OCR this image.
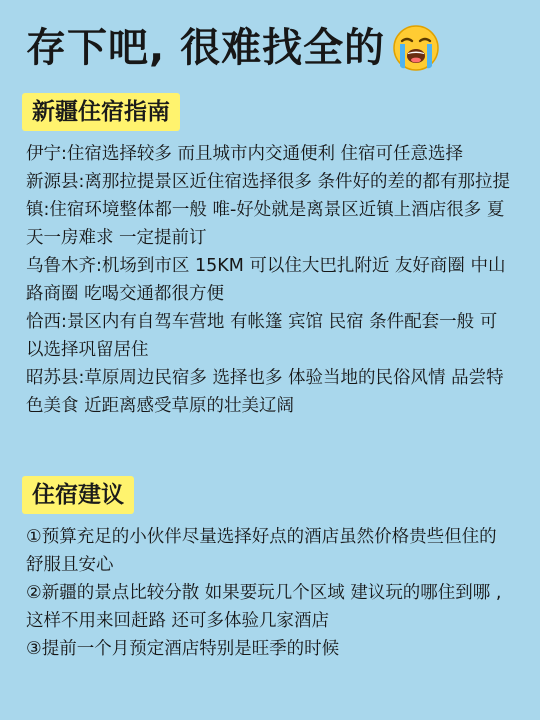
存下吧, 很难找全的
新疆住宿指南

伊宁:住宿选择较多 而且城市内交通便利 住宿可任意选择

新源县:离那拉提景区近住宿选择很多 条件好的差的都有那拉提镇:住宿环境整体都一般 唯-好处就是离景区近镇上酒店很多 夏天一房难求 一定提前订

乌鲁木齐:机场到市区 15KM 可以住大巴扎附近 友好商圈 中山路商圈 吃喝交通都很方便

恰西:景区内有自驾车营地 有帐篷 宾馆 民宿 条件配套一般 可以选择巩留居住

昭苏县:草原周边民宿多 选择也多 体验当地的民俗风情 品尝特色美食 近距离感受草原的壮美辽阔

住宿建议

①预算充足的小伙伴尽量选择好点的酒店虽然价格贵些但住的舒服且安心

②新疆的景点比较分散 如果要玩几个区域 建议玩的哪住到哪 ,这样不用来回赶路 还可多体验几家酒店

③提前一个月预定酒店特别是旺季的时候
